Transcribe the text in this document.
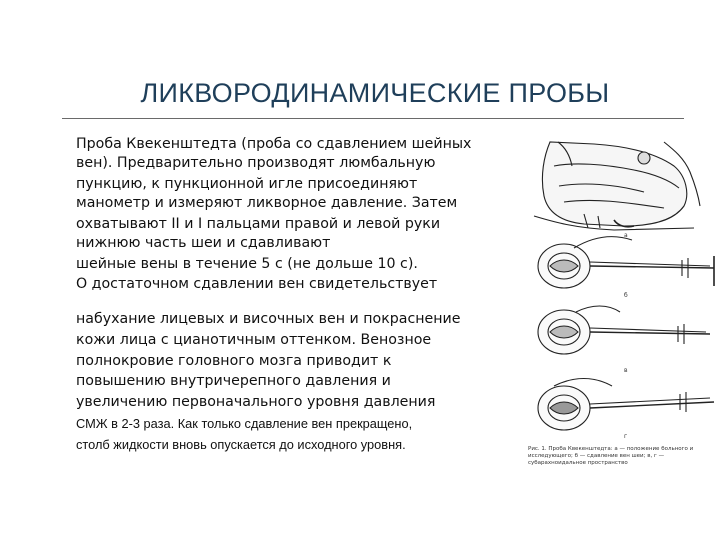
ЛИКВОРОДИНАМИЧЕСКИЕ ПРОБЫ
Проба Квекенштедта (проба со сдавлением шейных
вен). Предварительно производят люмбальную
пункцию, к пункционной игле присоединяют
манометр и измеряют ликворное давление. Затем
охватывают II и I пальцами правой и левой руки
нижнюю часть шеи и сдавливают
шейные вены в течение 5 с (не дольше 10 с).
О достаточном сдавлении вен свидетельствует
набухание лицевых и височных вен и покраснение
кожи лица с цианотичным оттенком. Венозное
полнокровие головного мозга приводит к
повышению внутричерепного давления и
увеличению первоначального уровня давления
СМЖ в 2-3 раза. Как только сдавление вен прекращено,
столб жидкости вновь опускается до исходного уровня.
a
б
в
г
Рис. 1. Проба Квекенштедта: а — положение больного и исследующего; б — сдавление вен шеи; в, г — субарахноидальное пространство
